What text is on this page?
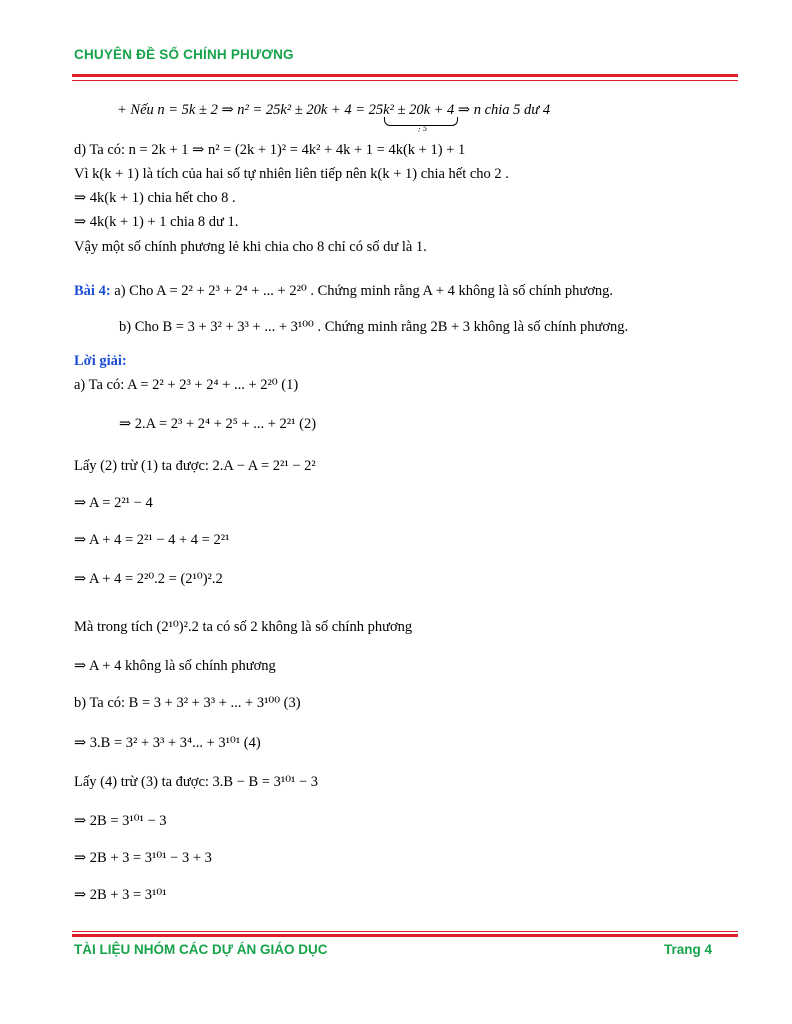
CHUYÊN ĐỀ SỐ CHÍNH PHƯƠNG
+ Nếu n = 5k ± 2 ⇒ n² = 25k² ± 20k + 4 = 25k² ± 20k + 4 ⇒ n chia 5 dư 4
⋮5
d) Ta có: n = 2k + 1 ⇒ n² = (2k + 1)² = 4k² + 4k + 1 = 4k(k + 1) + 1
Vì k(k + 1) là tích của hai số tự nhiên liên tiếp nên k(k + 1) chia hết cho 2 .
⇒ 4k(k + 1) chia hết cho 8 .
⇒ 4k(k + 1) + 1 chia 8 dư 1.
Vậy một số chính phương lẻ khi chia cho 8 chỉ có số dư là 1.
Bài 4: a) Cho A = 2² + 2³ + 2⁴ + ... + 2²⁰ . Chứng minh rằng A + 4 không là số chính phương.
b) Cho B = 3 + 3² + 3³ + ... + 3¹⁰⁰ . Chứng minh rằng 2B + 3 không là số chính phương.
Lời giải:
a) Ta có: A = 2² + 2³ + 2⁴ + ... + 2²⁰ (1)
⇒ 2.A = 2³ + 2⁴ + 2⁵ + ... + 2²¹ (2)
Lấy (2) trừ (1) ta được: 2.A − A = 2²¹ − 2²
⇒ A = 2²¹ − 4
⇒ A + 4 = 2²¹ − 4 + 4 = 2²¹
⇒ A + 4 = 2²⁰.2 = (2¹⁰)².2
Mà trong tích (2¹⁰)².2 ta có số 2 không là số chính phương
⇒ A + 4 không là số chính phương
b) Ta có: B = 3 + 3² + 3³ + ... + 3¹⁰⁰ (3)
⇒ 3.B = 3² + 3³ + 3⁴... + 3¹⁰¹ (4)
Lấy (4) trừ (3) ta được: 3.B − B = 3¹⁰¹ − 3
⇒ 2B = 3¹⁰¹ − 3
⇒ 2B + 3 = 3¹⁰¹ − 3 + 3
⇒ 2B + 3 = 3¹⁰¹
TÀI LIỆU NHÓM CÁC DỰ ÁN GIÁO DỤC	Trang 4
